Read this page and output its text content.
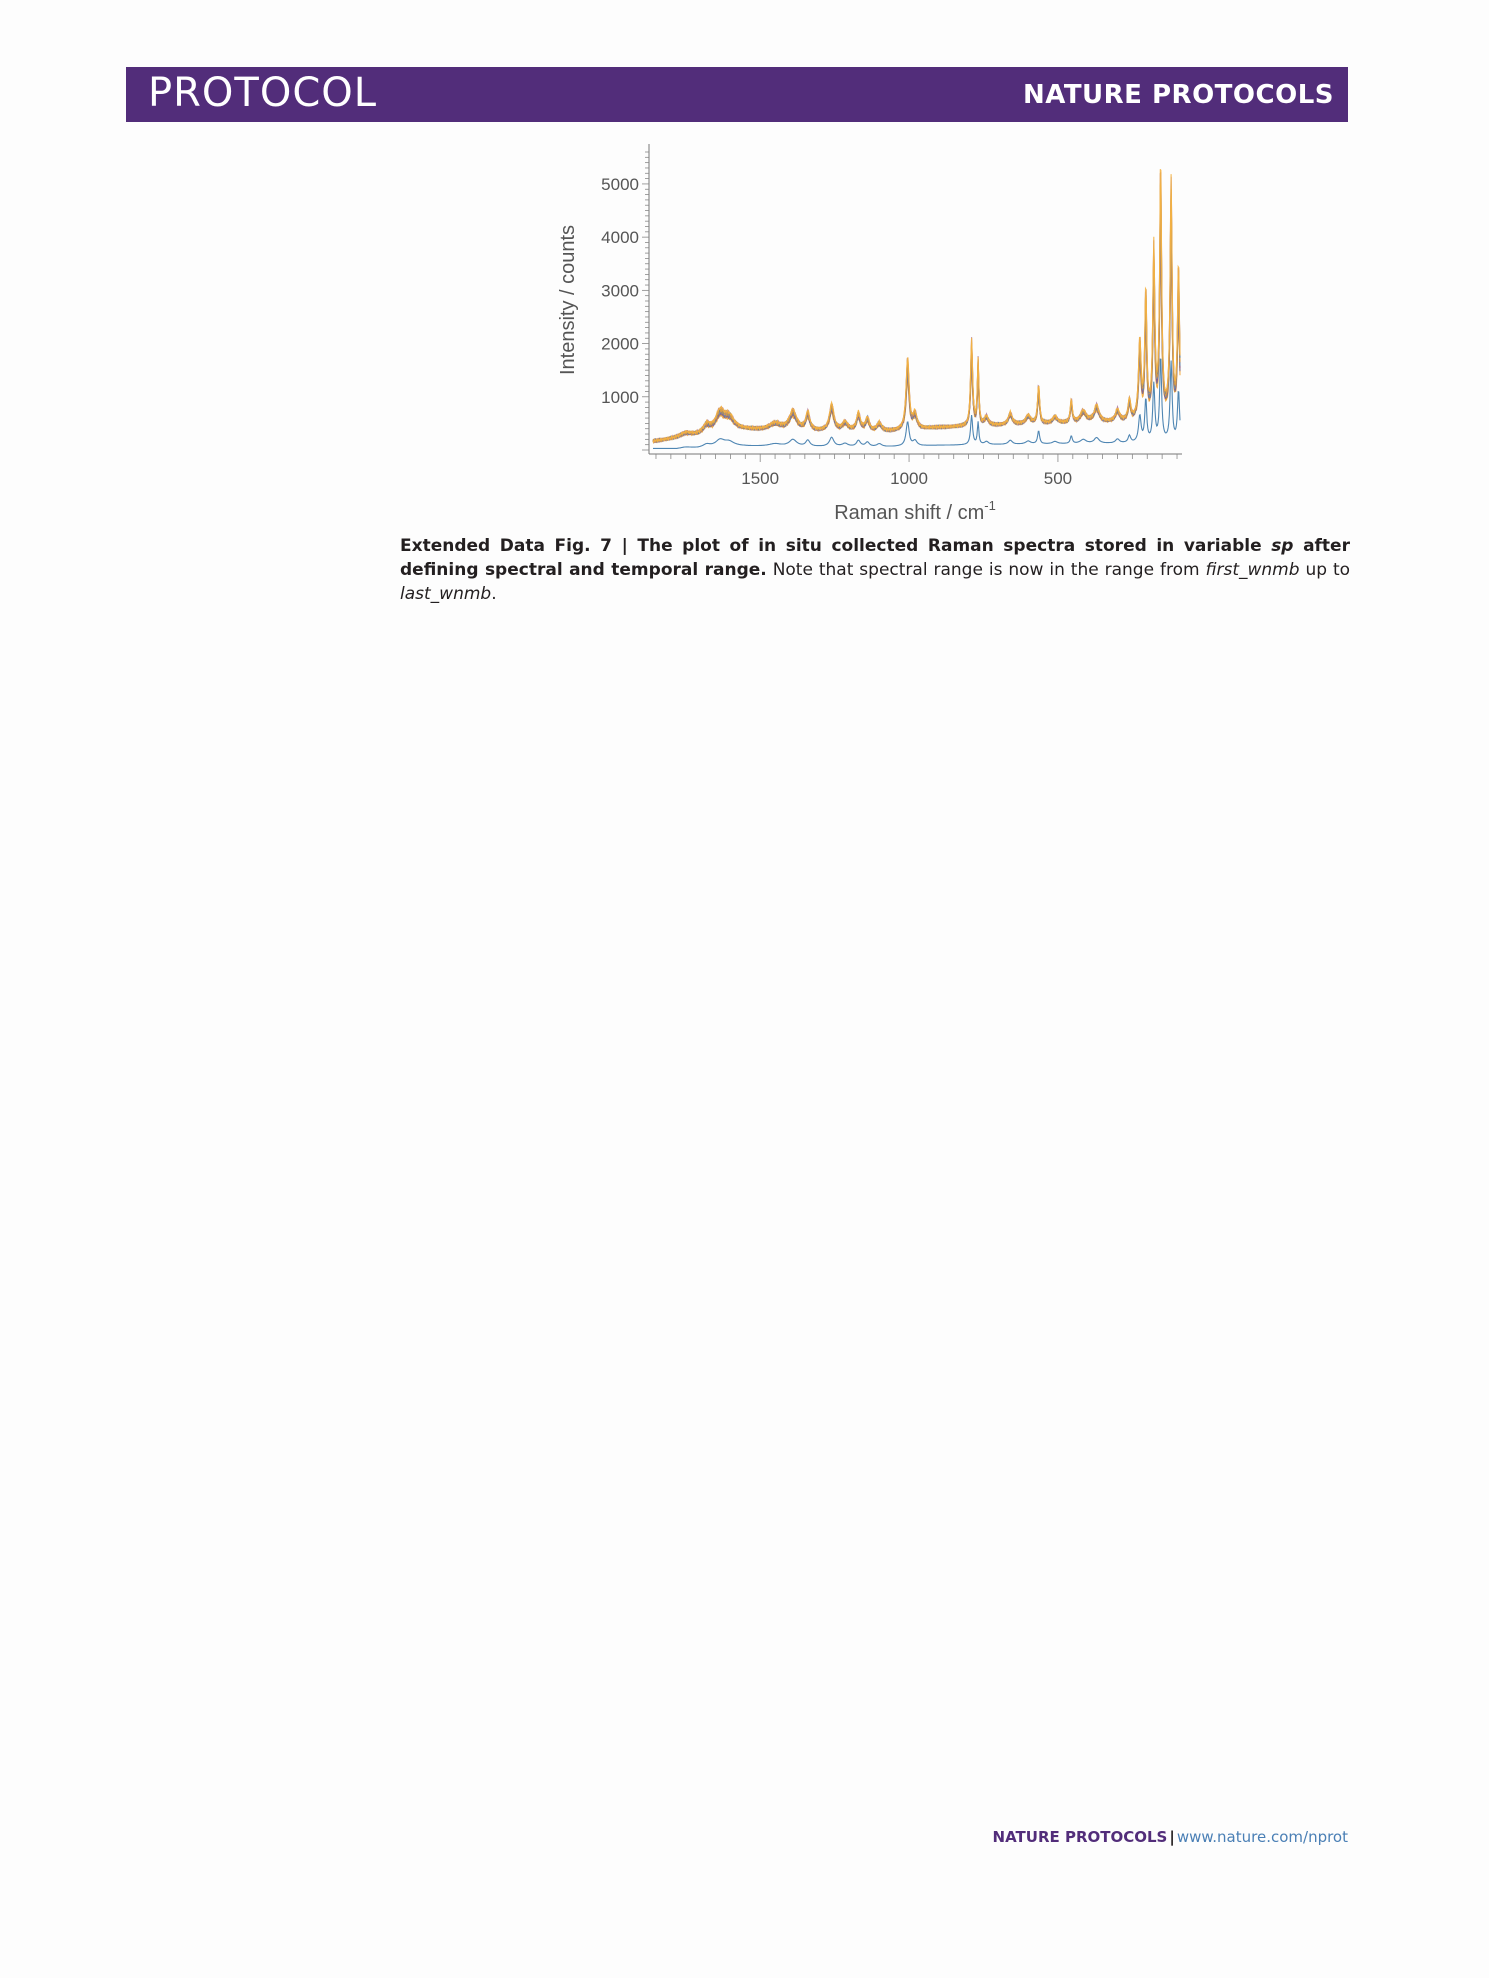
PROTOCOL	NATURE PROTOCOLS
1000
2000
3000
4000
5000
1500	1000	500
Intensity / counts
Raman shift / $cm^{-1}$
Extended Data Fig. 7 | The plot of in situ collected Raman spectra stored in variable sp after defining spectral and temporal range. Note that spectral range is now in the range from first_wnmb up to last_wnmb.
NATURE PROTOCOLS | www.nature.com/nprot
